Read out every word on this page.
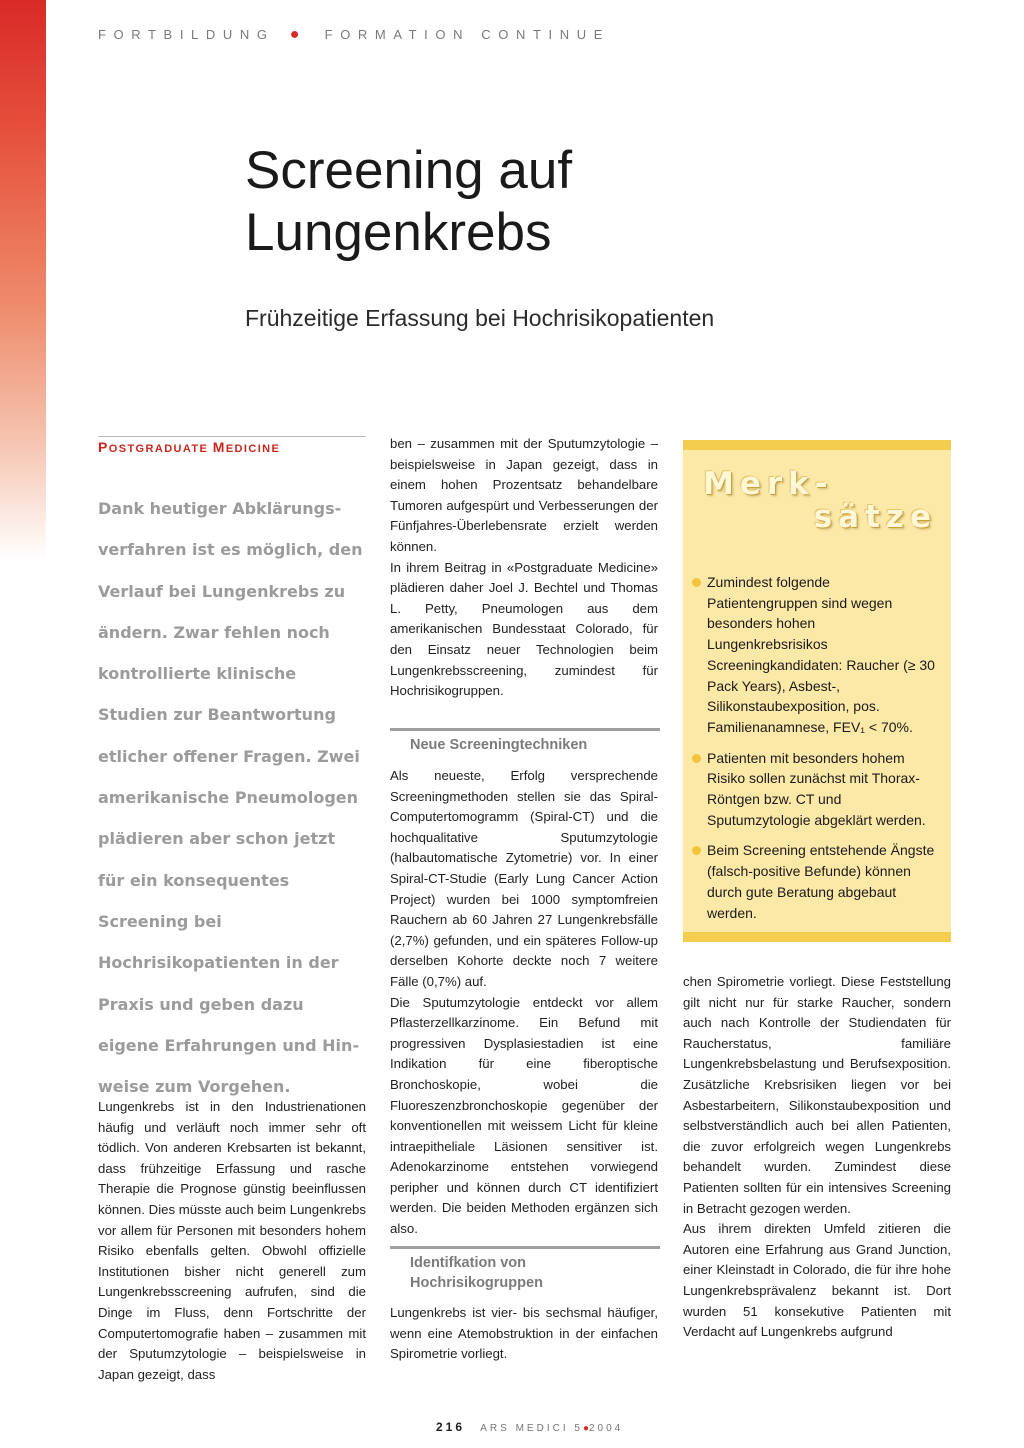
FORTBILDUNG ● FORMATION CONTINUE
Screening auf Lungenkrebs
Frühzeitige Erfassung bei Hochrisikopatienten
POSTGRADUATE MEDICINE
Dank heutiger Abklärungsverfahren ist es möglich, den Verlauf bei Lungenkrebs zu ändern. Zwar fehlen noch kontrollierte klinische Studien zur Beantwortung etlicher offener Fragen. Zwei amerikanische Pneumologen plädieren aber schon jetzt für ein konsequentes Screening bei Hochrisikopatienten in der Praxis und geben dazu eigene Erfahrungen und Hinweise zum Vorgehen.

Lungenkrebs ist in den Industrienationen häufig und verläuft noch immer sehr oft tödlich. Von anderen Krebsarten ist bekannt, dass frühzeitige Erfassung und rasche Therapie die Prognose günstig beeinflussen können. Dies müsste auch beim Lungenkrebs vor allem für Personen mit besonders hohem Risiko ebenfalls gelten. Obwohl offizielle Institutionen bisher nicht generell zum Lungenkrebsscreening aufrufen, sind die Dinge im Fluss, denn Fortschritte der Computertomografie haben – zusammen mit der Sputumzytologie – beispielsweise in Japan gezeigt, dass

ben – zusammen mit der Sputumzytologie – beispielsweise in Japan gezeigt, dass in einem hohen Prozentsatz behandelbare Tumoren aufgespürt und Verbesserungen der Fünfjahres-Überlebensrate erzielt werden können.

In ihrem Beitrag in «Postgraduate Medicine» plädieren daher Joel J. Bechtel und Thomas L. Petty, Pneumologen aus dem amerikanischen Bundesstaat Colorado, für den Einsatz neuer Technologien beim Lungenkrebsscreening, zumindest für Hochrisikogruppen.

Neue Screeningtechniken

Als neueste, Erfolg versprechende Screeningmethoden stellen sie das Spiral-Computertomogramm (Spiral-CT) und die hochqualitative Sputumzytologie (halbautomatische Zytometrie) vor. In einer Spiral-CT-Studie (Early Lung Cancer Action Project) wurden bei 1000 symptomfreien Rauchern ab 60 Jahren 27 Lungenkrebsfälle (2,7%) gefunden, und ein späteres Follow-up derselben Kohorte deckte noch 7 weitere Fälle (0,7%) auf.

Die Sputumzytologie entdeckt vor allem Pflasterzellkarzinome. Ein Befund mit progressiven Dysplasiestadien ist eine Indikation für eine fiberoptische Bronchoskopie, wobei die Fluoreszenzbronchoskopie gegenüber der konventionellen mit weissem Licht für kleine intraepitheliale Läsionen sensitiver ist. Adenokarzinome entstehen vorwiegend peripher und können durch CT identifiziert werden. Die beiden Methoden ergänzen sich also.

Identifkation von Hochrisikogruppen

Lungenkrebs ist vier- bis sechsmal häufiger, wenn eine Atemobstruktion in der einfachen Spirometrie vorliegt.

Merk-
sätze
Zumindest folgende Patientengruppen sind wegen besonders hohen Lungenkrebsrisikos Screeningkandidaten: Raucher (≥ 30 Pack Years), Asbest-, Silikonstaubexposition, pos. Familienanamnese, FEV₁ < 70%.
Patienten mit besonders hohem Risiko sollen zunächst mit Thorax-Röntgen bzw. CT und Sputumzytologie abgeklärt werden.
Beim Screening entstehende Ängste (falsch-positive Befunde) können durch gute Beratung abgebaut werden.

chen Spirometrie vorliegt. Diese Feststellung gilt nicht nur für starke Raucher, sondern auch nach Kontrolle der Studiendaten für Raucherstatus, familiäre Lungenkrebsbelastung und Berufsexposition. Zusätzliche Krebsrisiken liegen vor bei Asbestarbeitern, Silikonstaubexposition und selbstverständlich auch bei allen Patienten, die zuvor erfolgreich wegen Lungenkrebs behandelt wurden. Zumindest diese Patienten sollten für ein intensives Screening in Betracht gezogen werden.

Aus ihrem direkten Umfeld zitieren die Autoren eine Erfahrung aus Grand Junction, einer Kleinstadt in Colorado, die für ihre hohe Lungenkrebsprävalenz bekannt ist. Dort wurden 51 konsekutive Patienten mit Verdacht auf Lungenkrebs aufgrund

216 ARS MEDICI 5●2004
